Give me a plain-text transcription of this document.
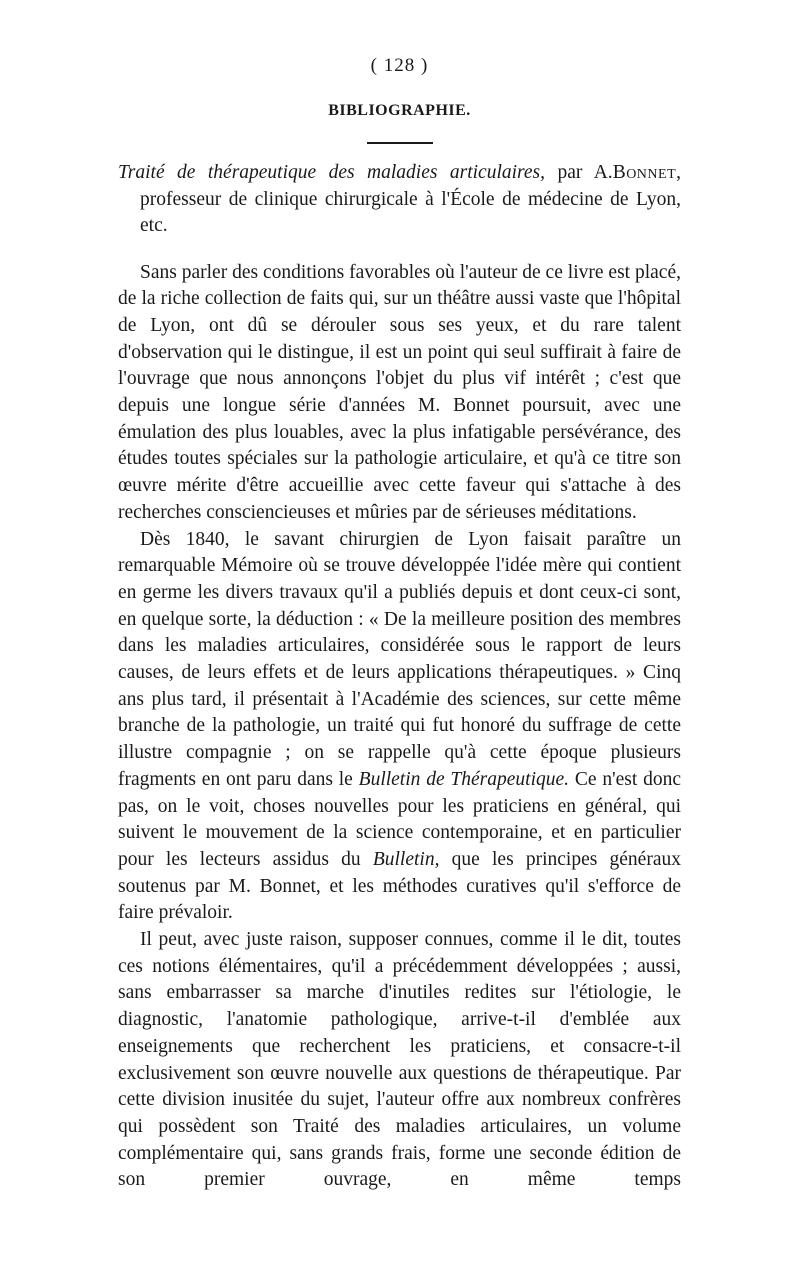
( 128 )
BIBLIOGRAPHIE.
Traité de thérapeutique des maladies articulaires, par A.Bonnet, professeur de clinique chirurgicale à l'École de médecine de Lyon, etc.

Sans parler des conditions favorables où l'auteur de ce livre est placé, de la riche collection de faits qui, sur un théâtre aussi vaste que l'hôpital de Lyon, ont dû se dérouler sous ses yeux, et du rare talent d'observation qui le distingue, il est un point qui seul suffirait à faire de l'ouvrage que nous annonçons l'objet du plus vif intérêt ; c'est que depuis une longue série d'années M. Bonnet poursuit, avec une émulation des plus louables, avec la plus infatigable persévérance, des études toutes spéciales sur la pathologie articulaire, et qu'à ce titre son œuvre mérite d'être accueillie avec cette faveur qui s'attache à des recherches consciencieuses et mûries par de sérieuses méditations.

Dès 1840, le savant chirurgien de Lyon faisait paraître un remarquable Mémoire où se trouve développée l'idée mère qui contient en germe les divers travaux qu'il a publiés depuis et dont ceux-ci sont, en quelque sorte, la déduction : « De la meilleure position des membres dans les maladies articulaires, considérée sous le rapport de leurs causes, de leurs effets et de leurs applications thérapeutiques. » Cinq ans plus tard, il présentait à l'Académie des sciences, sur cette même branche de la pathologie, un traité qui fut honoré du suffrage de cette illustre compagnie ; on se rappelle qu'à cette époque plusieurs fragments en ont paru dans le Bulletin de Thérapeutique. Ce n'est donc pas, on le voit, choses nouvelles pour les praticiens en général, qui suivent le mouvement de la science contemporaine, et en particulier pour les lecteurs assidus du Bulletin, que les principes généraux soutenus par M. Bonnet, et les méthodes curatives qu'il s'efforce de faire prévaloir.

Il peut, avec juste raison, supposer connues, comme il le dit, toutes ces notions élémentaires, qu'il a précédemment développées ; aussi, sans embarrasser sa marche d'inutiles redites sur l'étiologie, le diagnostic, l'anatomie pathologique, arrive-t-il d'emblée aux enseignements que recherchent les praticiens, et consacre-t-il exclusivement son œuvre nouvelle aux questions de thérapeutique. Par cette division inusitée du sujet, l'auteur offre aux nombreux confrères qui possèdent son Traité des maladies articulaires, un volume complémentaire qui, sans grands frais, forme une seconde édition de son premier ouvrage, en même temps
